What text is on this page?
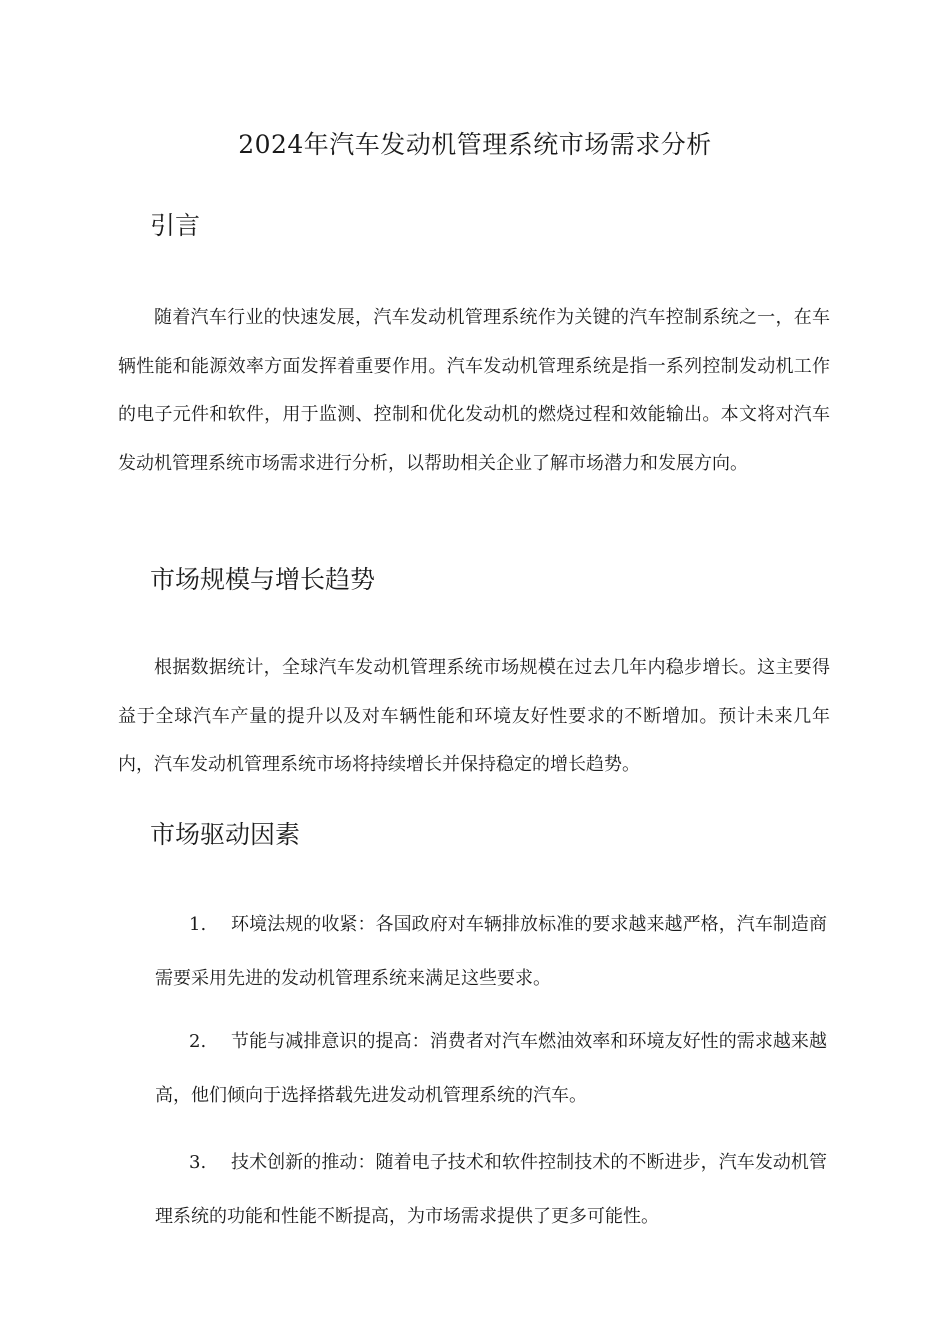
2024年汽车发动机管理系统市场需求分析
引言

随着汽车行业的快速发展，汽车发动机管理系统作为关键的汽车控制系统之一，在车辆性能和能源效率方面发挥着重要作用。汽车发动机管理系统是指一系列控制发动机工作的电子元件和软件，用于监测、控制和优化发动机的燃烧过程和效能输出。本文将对汽车发动机管理系统市场需求进行分析，以帮助相关企业了解市场潜力和发展方向。

市场规模与增长趋势

根据数据统计，全球汽车发动机管理系统市场规模在过去几年内稳步增长。这主要得益于全球汽车产量的提升以及对车辆性能和环境友好性要求的不断增加。预计未来几年内，汽车发动机管理系统市场将持续增长并保持稳定的增长趋势。

市场驱动因素

1. 环境法规的收紧：各国政府对车辆排放标准的要求越来越严格，汽车制造商需要采用先进的发动机管理系统来满足这些要求。

2. 节能与减排意识的提高：消费者对汽车燃油效率和环境友好性的需求越来越高，他们倾向于选择搭载先进发动机管理系统的汽车。

3. 技术创新的推动：随着电子技术和软件控制技术的不断进步，汽车发动机管理系统的功能和性能不断提高，为市场需求提供了更多可能性。
